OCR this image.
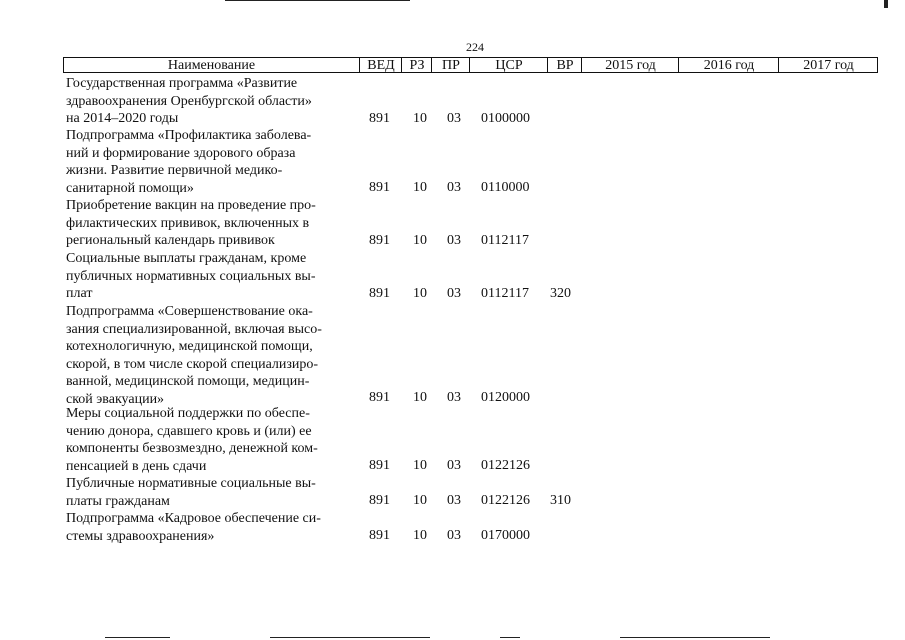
224
Наименование	ВЕД	РЗ	ПР	ЦСР	ВР	2015 год	2016 год	2017 год
Государственная программа «Развитие
здравоохранения Оренбургской области»
на 2014–2020 годы	891 10 03 0100000
Подпрограмма «Профилактика заболева-
ний и формирование здорового образа
жизни. Развитие первичной медико-
санитарной помощи»	891 10 03 0110000
Приобретение вакцин на проведение про-
филактических прививок, включенных в
региональный календарь прививок	891 10 03 0112117
Социальные выплаты гражданам, кроме
публичных нормативных социальных вы-
плат	891 10 03 0112117 320
Подпрограмма «Совершенствование ока-
зания специализированной, включая высо-
котехнологичную, медицинской помощи,
скорой, в том числе скорой специализиро-
ванной, медицинской помощи, медицин-
ской эвакуации»	891 10 03 0120000
Меры социальной поддержки по обеспе-
чению донора, сдавшего кровь и (или) ее
компоненты безвозмездно, денежной ком-
пенсацией в день сдачи	891 10 03 0122126
Публичные нормативные социальные вы-
платы гражданам	891 10 03 0122126 310
Подпрограмма «Кадровое обеспечение си-
стемы здравоохранения»	891 10 03 0170000
